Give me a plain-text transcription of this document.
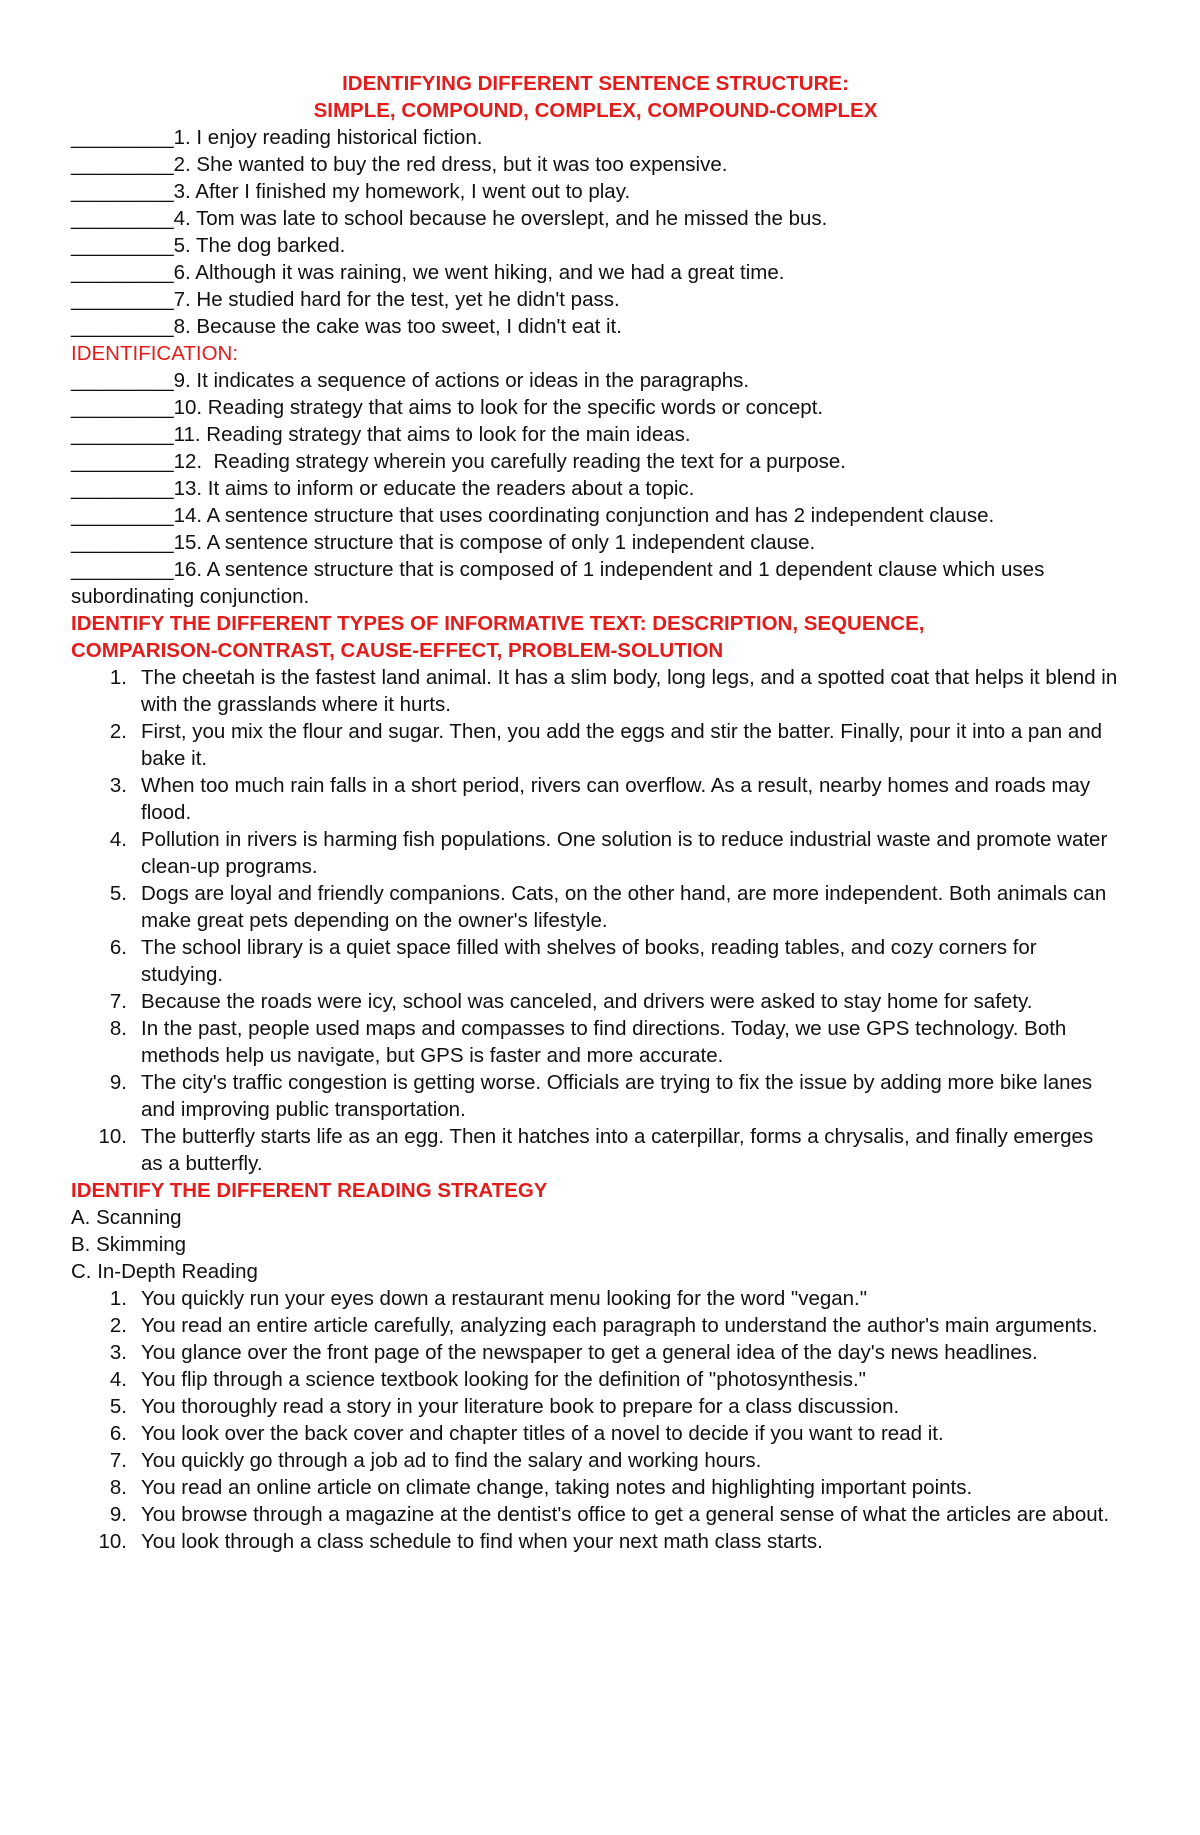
IDENTIFYING DIFFERENT SENTENCE STRUCTURE:
SIMPLE, COMPOUND, COMPLEX, COMPOUND-COMPLEX
_________1. I enjoy reading historical fiction.
_________2. She wanted to buy the red dress, but it was too expensive.
_________3. After I finished my homework, I went out to play.
_________4. Tom was late to school because he overslept, and he missed the bus.
_________5. The dog barked.
_________6. Although it was raining, we went hiking, and we had a great time.
_________7. He studied hard for the test, yet he didn't pass.
_________8. Because the cake was too sweet, I didn't eat it.
IDENTIFICATION:
_________9. It indicates a sequence of actions or ideas in the paragraphs.
_________10. Reading strategy that aims to look for the specific words or concept.
_________11. Reading strategy that aims to look for the main ideas.
_________12.  Reading strategy wherein you carefully reading the text for a purpose.
_________13. It aims to inform or educate the readers about a topic.
_________14. A sentence structure that uses coordinating conjunction and has 2 independent clause.
_________15. A sentence structure that is compose of only 1 independent clause.
_________16. A sentence structure that is composed of 1 independent and 1 dependent clause which uses subordinating conjunction.
IDENTIFY THE DIFFERENT TYPES OF INFORMATIVE TEXT: DESCRIPTION, SEQUENCE,
COMPARISON-CONTRAST, CAUSE-EFFECT, PROBLEM-SOLUTION
1. The cheetah is the fastest land animal. It has a slim body, long legs, and a spotted coat that helps it blend in with the grasslands where it hurts.
2. First, you mix the flour and sugar. Then, you add the eggs and stir the batter. Finally, pour it into a pan and bake it.
3. When too much rain falls in a short period, rivers can overflow. As a result, nearby homes and roads may flood.
4. Pollution in rivers is harming fish populations. One solution is to reduce industrial waste and promote water clean-up programs.
5. Dogs are loyal and friendly companions. Cats, on the other hand, are more independent. Both animals can make great pets depending on the owner's lifestyle.
6. The school library is a quiet space filled with shelves of books, reading tables, and cozy corners for studying.
7. Because the roads were icy, school was canceled, and drivers were asked to stay home for safety.
8. In the past, people used maps and compasses to find directions. Today, we use GPS technology. Both methods help us navigate, but GPS is faster and more accurate.
9. The city's traffic congestion is getting worse. Officials are trying to fix the issue by adding more bike lanes and improving public transportation.
10. The butterfly starts life as an egg. Then it hatches into a caterpillar, forms a chrysalis, and finally emerges as a butterfly.
IDENTIFY THE DIFFERENT READING STRATEGY
A. Scanning
B. Skimming
C. In-Depth Reading
1. You quickly run your eyes down a restaurant menu looking for the word "vegan."
2. You read an entire article carefully, analyzing each paragraph to understand the author's main arguments.
3. You glance over the front page of the newspaper to get a general idea of the day's news headlines.
4. You flip through a science textbook looking for the definition of "photosynthesis."
5. You thoroughly read a story in your literature book to prepare for a class discussion.
6. You look over the back cover and chapter titles of a novel to decide if you want to read it.
7. You quickly go through a job ad to find the salary and working hours.
8. You read an online article on climate change, taking notes and highlighting important points.
9. You browse through a magazine at the dentist's office to get a general sense of what the articles are about.
10. You look through a class schedule to find when your next math class starts.
